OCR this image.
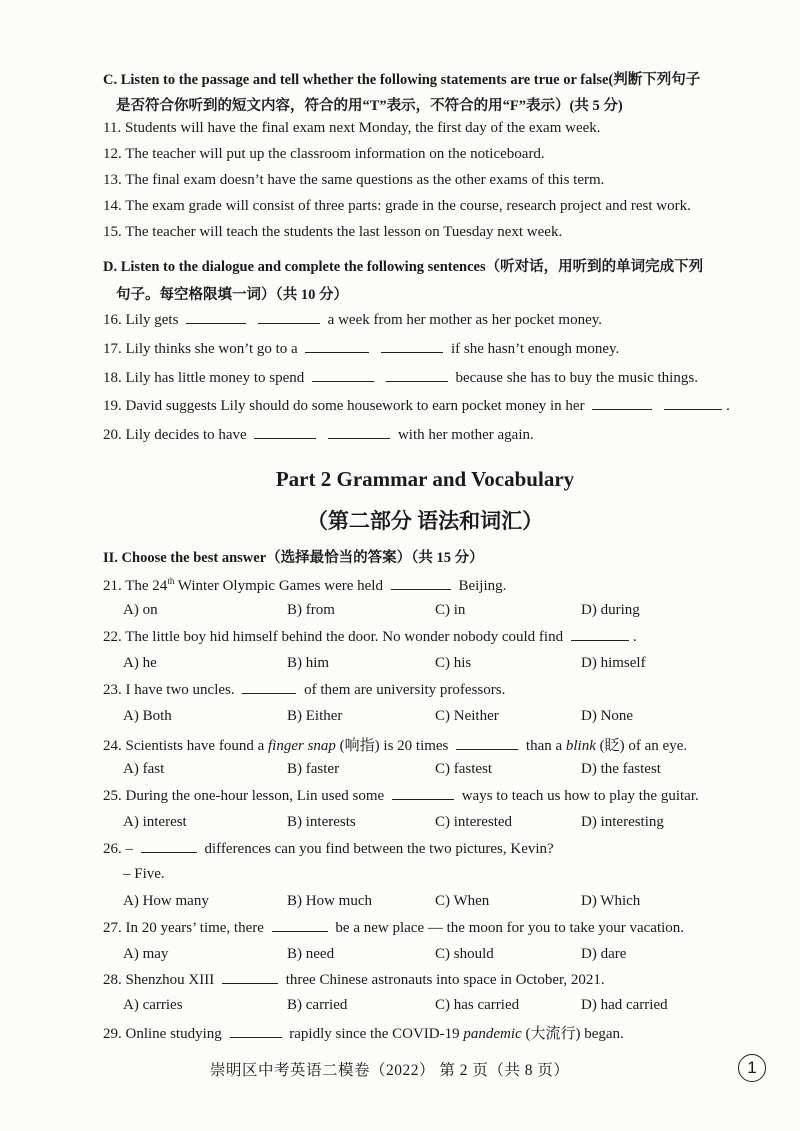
C. Listen to the passage and tell whether the following statements are true or false(判断下列句子
是否符合你听到的短文内容，符合的用“T”表示，不符合的用“F”表示）(共 5 分)
11. Students will have the final exam next Monday, the first day of the exam week.
12. The teacher will put up the classroom information on the noticeboard.
13. The final exam doesn’t have the same questions as the other exams of this term.
14. The exam grade will consist of three parts: grade in the course, research project and rest work.
15. The teacher will teach the students the last lesson on Tuesday next week.
D. Listen to the dialogue and complete the following sentences（听对话，用听到的单词完成下列
句子。每空格限填一词）（共 10 分）
16. Lily gets	a week from her mother as her pocket money.
17. Lily thinks she won’t go to a	if she hasn’t enough money.
18. Lily has little money to spend	because she has to buy the music things.
19. David suggests Lily should do some housework to earn pocket money in her	.
20. Lily decides to have	with her mother again.
Part 2 Grammar and Vocabulary
（第二部分 语法和词汇）
II. Choose the best answer（选择最恰当的答案）（共 15 分）
21. The 24th Winter Olympic Games were held	Beijing.
A) on	B) from	C) in	D) during
22. The little boy hid himself behind the door. No wonder nobody could find	.
A) he	B) him	C) his	D) himself
23. I have two uncles.	of them are university professors.
A) Both	B) Either	C) Neither	D) None
24. Scientists have found a finger snap (响指) is 20 times	than a blink (眨) of an eye.
A) fast	B) faster	C) fastest	D) the fastest
25. During the one-hour lesson, Lin used some	ways to teach us how to play the guitar.
A) interest	B) interests	C) interested	D) interesting
26. –	differences can you find between the two pictures, Kevin?
– Five.
A) How many	B) How much	C) When	D) Which
27. In 20 years’ time, there	be a new place — the moon for you to take your vacation.
A) may	B) need	C) should	D) dare
28. Shenzhou XIII	three Chinese astronauts into space in October, 2021.
A) carries	B) carried	C) has carried	D) had carried
29. Online studying	rapidly since the COVID-19 pandemic (大流行) began.
崇明区中考英语二模卷（2022） 第 2 页（共 8 页）	1
